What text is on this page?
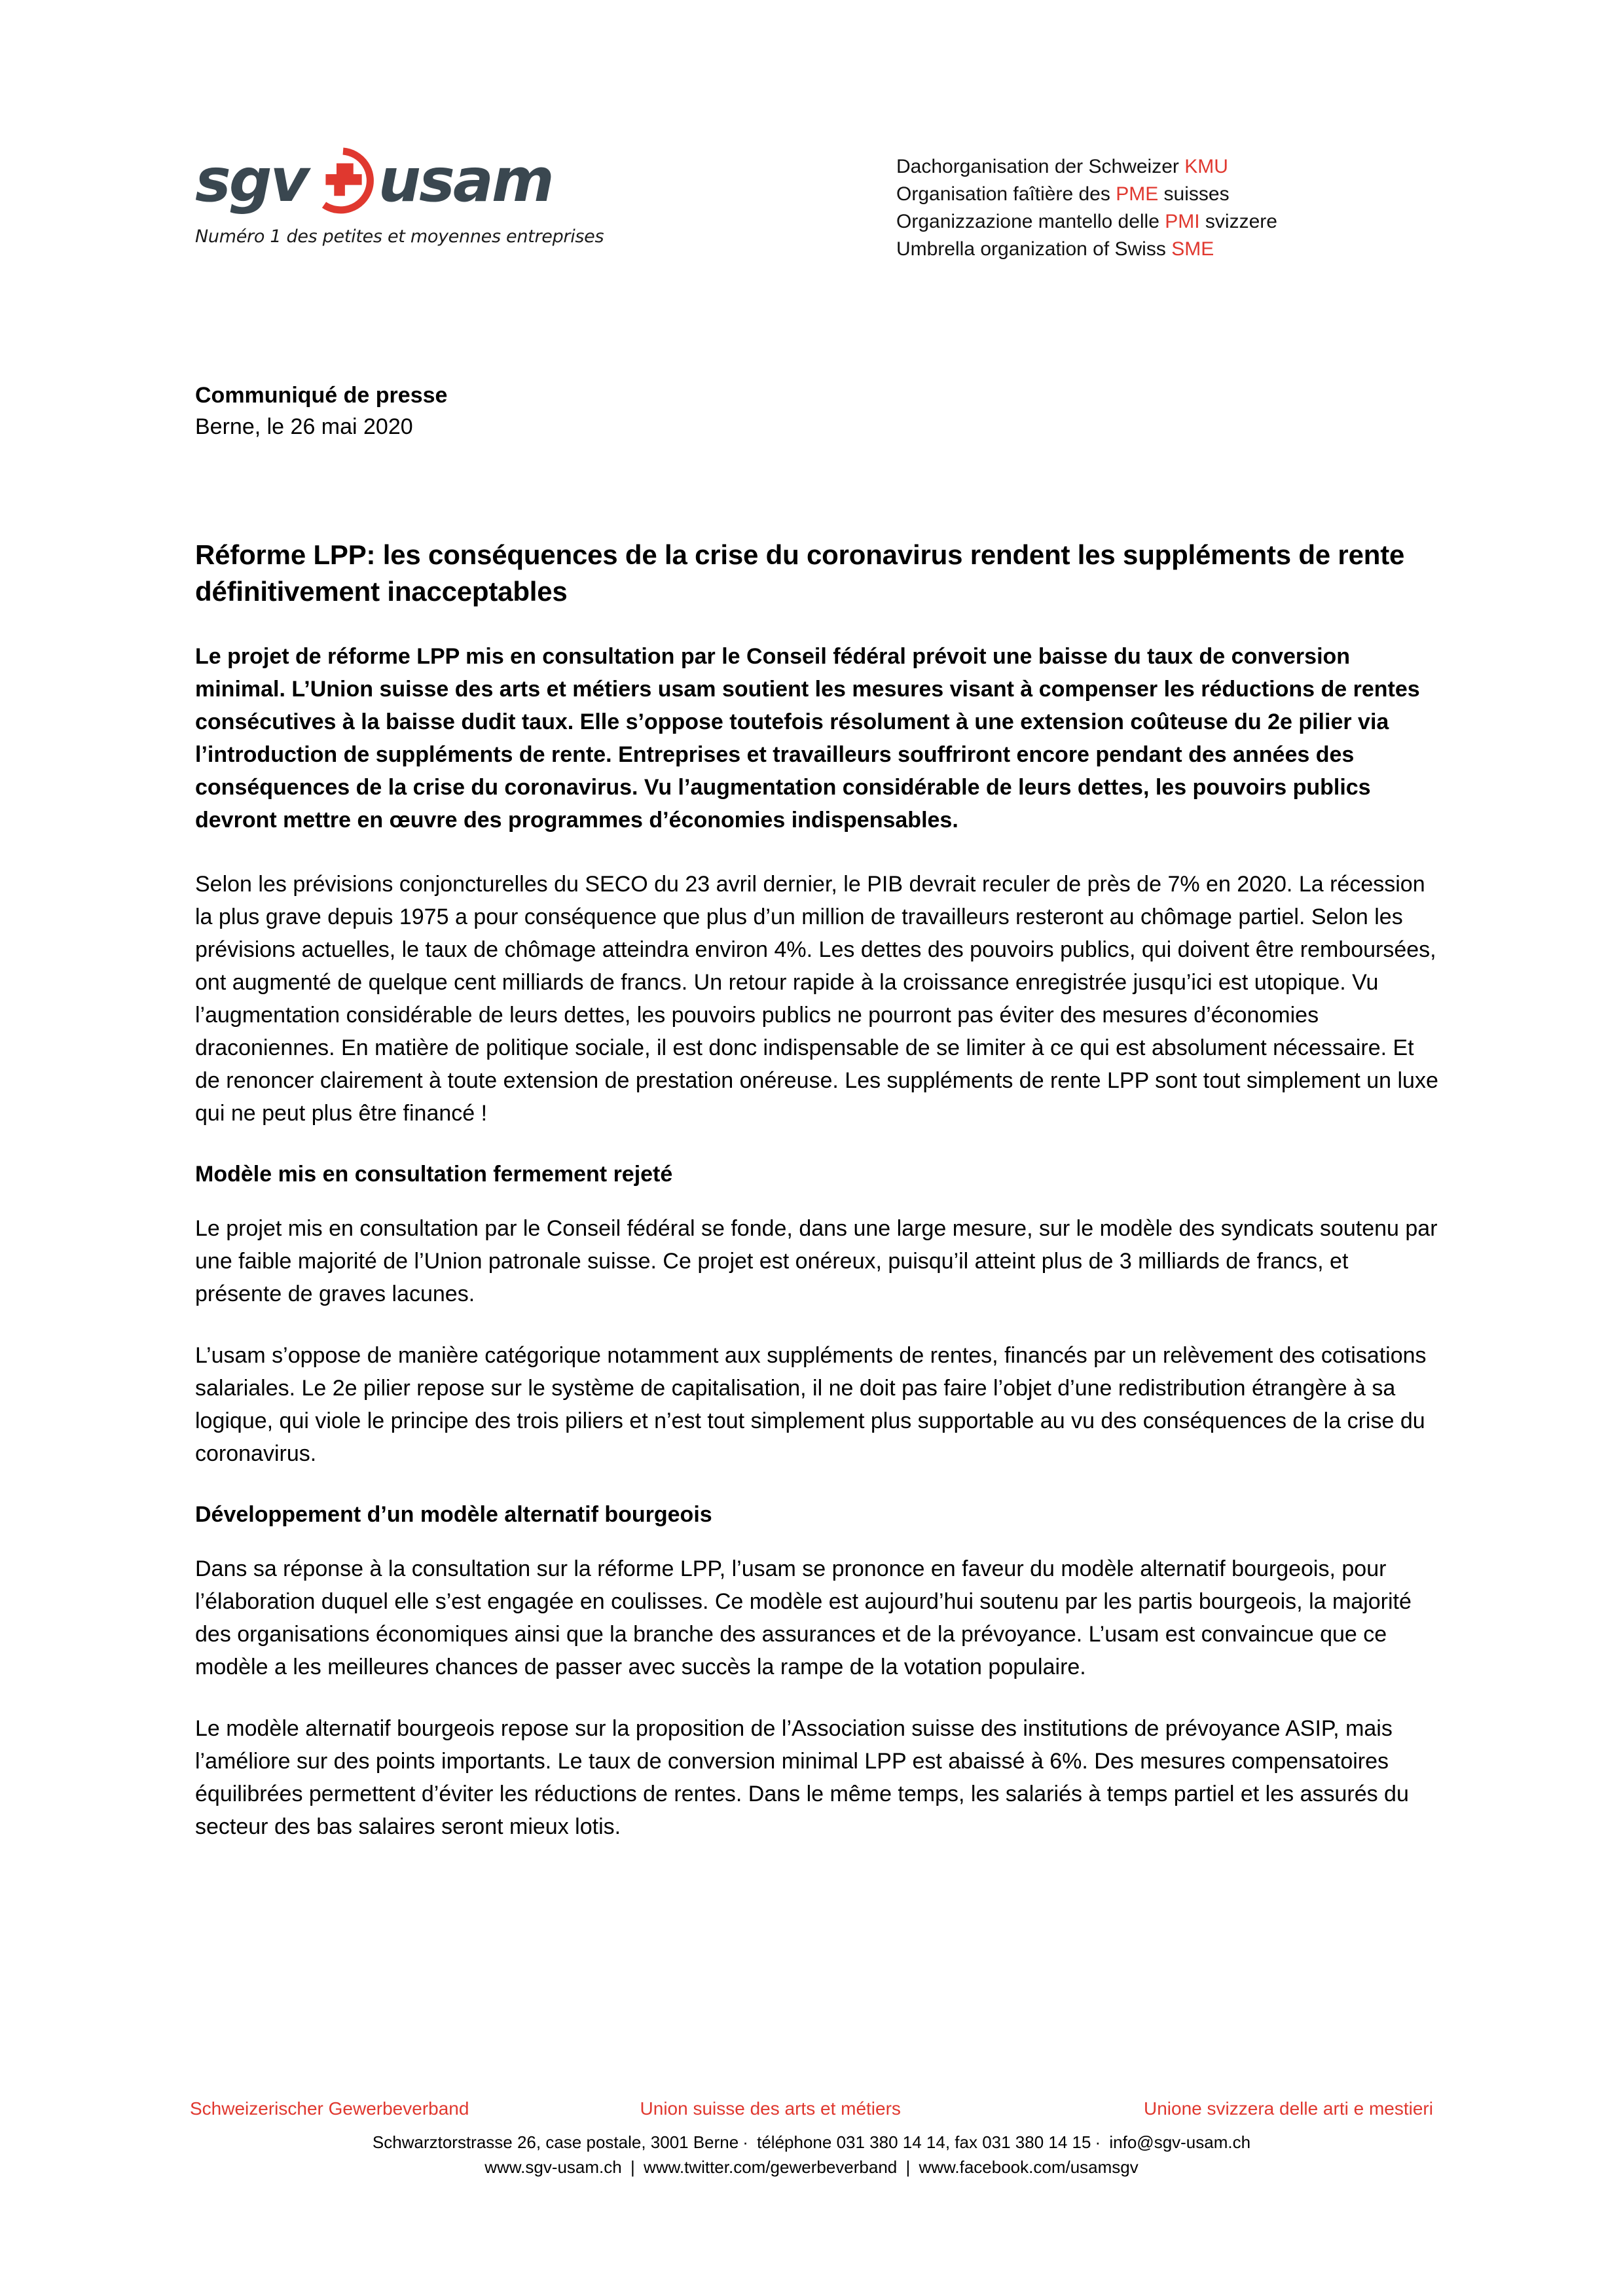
sgv usam
Numéro 1 des petites et moyennes entreprises
Dachorganisation der Schweizer KMU
Organisation faîtière des PME suisses
Organizzazione mantello delle PMI svizzere
Umbrella organization of Swiss SME
Communiqué de presse
Berne, le 26 mai 2020
Réforme LPP: les conséquences de la crise du coronavirus rendent les suppléments de rente définitivement inacceptables

Le projet de réforme LPP mis en consultation par le Conseil fédéral prévoit une baisse du taux de conversion minimal. L’Union suisse des arts et métiers usam soutient les mesures visant à compenser les réductions de rentes consécutives à la baisse dudit taux. Elle s’oppose toutefois résolument à une extension coûteuse du 2e pilier via l’introduction de suppléments de rente. Entreprises et travailleurs souffriront encore pendant des années des conséquences de la crise du coronavirus. Vu l’augmentation considérable de leurs dettes, les pouvoirs publics devront mettre en œuvre des programmes d’économies indispensables.

Selon les prévisions conjoncturelles du SECO du 23 avril dernier, le PIB devrait reculer de près de 7% en 2020. La récession la plus grave depuis 1975 a pour conséquence que plus d’un million de travailleurs resteront au chômage partiel. Selon les prévisions actuelles, le taux de chômage atteindra environ 4%. Les dettes des pouvoirs publics, qui doivent être remboursées, ont augmenté de quelque cent milliards de francs. Un retour rapide à la croissance enregistrée jusqu’ici est utopique. Vu l’augmentation considérable de leurs dettes, les pouvoirs publics ne pourront pas éviter des mesures d’économies draconiennes. En matière de politique sociale, il est donc indispensable de se limiter à ce qui est absolument nécessaire. Et de renoncer clairement à toute extension de prestation onéreuse. Les suppléments de rente LPP sont tout simplement un luxe qui ne peut plus être financé !

Modèle mis en consultation fermement rejeté

Le projet mis en consultation par le Conseil fédéral se fonde, dans une large mesure, sur le modèle des syndicats soutenu par une faible majorité de l’Union patronale suisse. Ce projet est onéreux, puisqu’il atteint plus de 3 milliards de francs, et présente de graves lacunes.

L’usam s’oppose de manière catégorique notamment aux suppléments de rentes, financés par un relèvement des cotisations salariales. Le 2e pilier repose sur le système de capitalisation, il ne doit pas faire l’objet d’une redistribution étrangère à sa logique, qui viole le principe des trois piliers et n’est tout simplement plus supportable au vu des conséquences de la crise du coronavirus.

Développement d’un modèle alternatif bourgeois

Dans sa réponse à la consultation sur la réforme LPP, l’usam se prononce en faveur du modèle alternatif bourgeois, pour l’élaboration duquel elle s’est engagée en coulisses. Ce modèle est aujourd’hui soutenu par les partis bourgeois, la majorité des organisations économiques ainsi que la branche des assurances et de la prévoyance. L’usam est convaincue que ce modèle a les meilleures chances de passer avec succès la rampe de la votation populaire.

Le modèle alternatif bourgeois repose sur la proposition de l’Association suisse des institutions de prévoyance ASIP, mais l’améliore sur des points importants. Le taux de conversion minimal LPP est abaissé à 6%. Des mesures compensatoires équilibrées permettent d’éviter les réductions de rentes. Dans le même temps, les salariés à temps partiel et les assurés du secteur des bas salaires seront mieux lotis.

Schweizerischer Gewerbeverband	Union suisse des arts et métiers	Unione svizzera delle arti e mestieri
Schwarztorstrasse 26, case postale, 3001 Berne · téléphone 031 380 14 14, fax 031 380 14 15 · info@sgv-usam.ch
www.sgv-usam.ch | www.twitter.com/gewerbeverband | www.facebook.com/usamsgv
